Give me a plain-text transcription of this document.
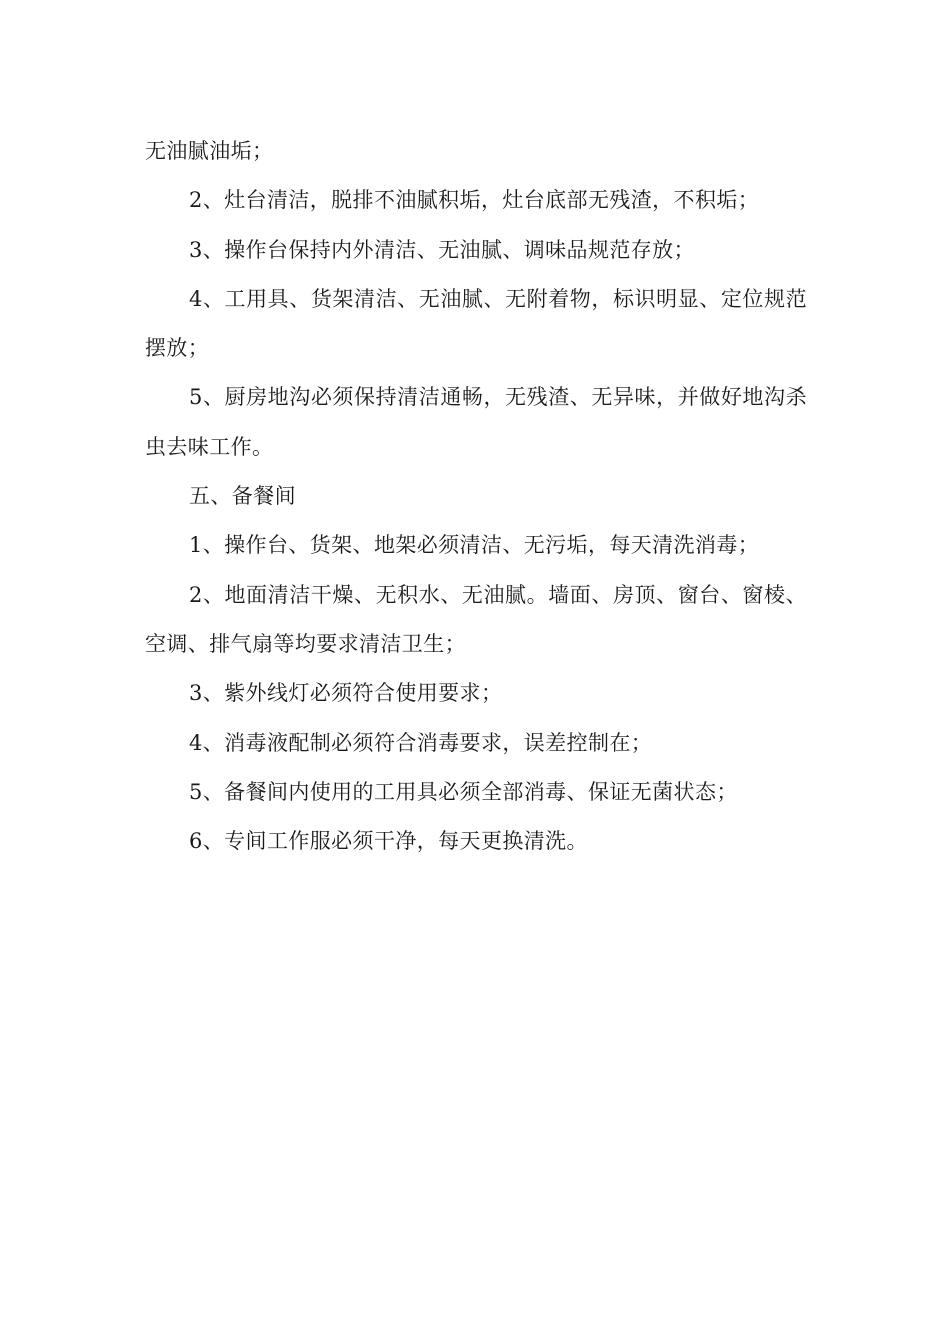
无油腻油垢；

2、灶台清洁，脱排不油腻积垢，灶台底部无残渣，不积垢；

3、操作台保持内外清洁、无油腻、调味品规范存放；

4、工用具、货架清洁、无油腻、无附着物，标识明显、定位规范摆放；

5、厨房地沟必须保持清洁通畅，无残渣、无异味，并做好地沟杀虫去味工作。

五、备餐间

1、操作台、货架、地架必须清洁、无污垢，每天清洗消毒；

2、地面清洁干燥、无积水、无油腻。墙面、房顶、窗台、窗棱、空调、排气扇等均要求清洁卫生；

3、紫外线灯必须符合使用要求；

4、消毒液配制必须符合消毒要求，误差控制在；

5、备餐间内使用的工用具必须全部消毒、保证无菌状态；

6、专间工作服必须干净，每天更换清洗。
